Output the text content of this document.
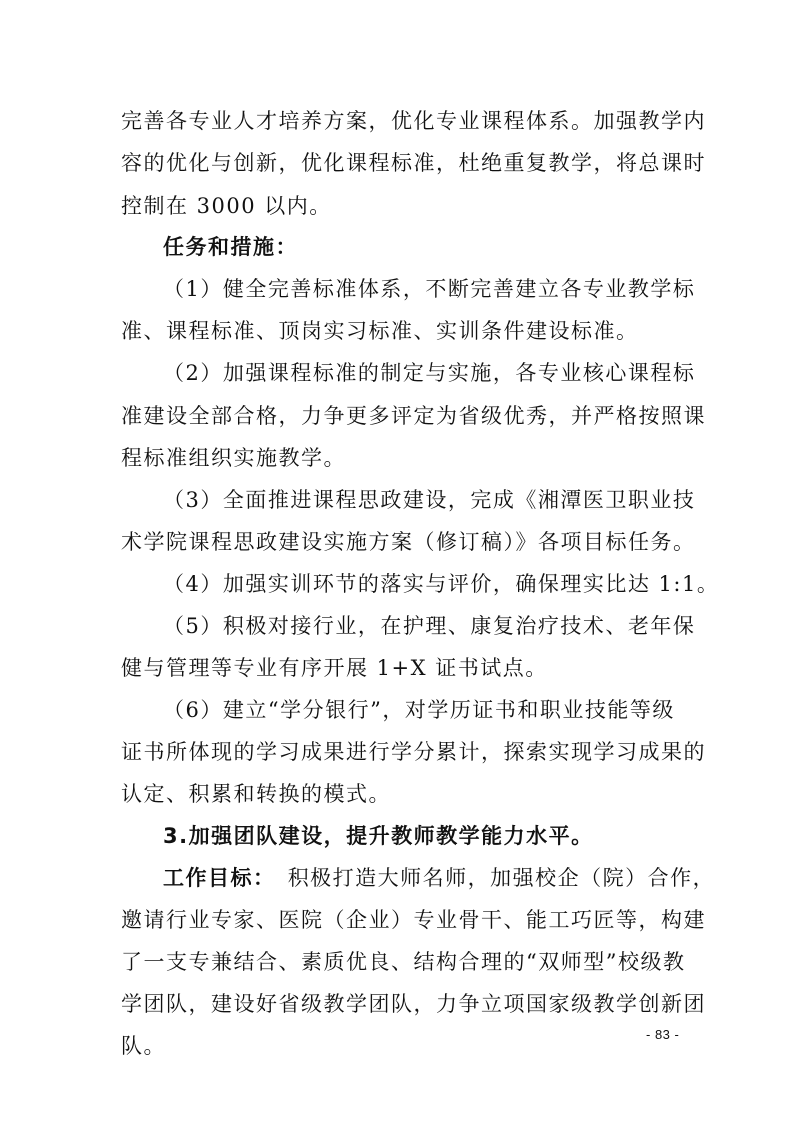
完善各专业人才培养方案，优化专业课程体系。加强教学内
容的优化与创新，优化课程标准，杜绝重复教学，将总课时
控制在 3000 以内。
任务和措施：
（1）健全完善标准体系，不断完善建立各专业教学标
准、课程标准、顶岗实习标准、实训条件建设标准。
（2）加强课程标准的制定与实施，各专业核心课程标
准建设全部合格，力争更多评定为省级优秀，并严格按照课
程标准组织实施教学。
（3）全面推进课程思政建设，完成《湘潭医卫职业技
术学院课程思政建设实施方案（修订稿）》各项目标任务。
（4）加强实训环节的落实与评价，确保理实比达 1:1。
（5）积极对接行业，在护理、康复治疗技术、老年保
健与管理等专业有序开展 1+X 证书试点。
（6）建立“学分银行”，对学历证书和职业技能等级
证书所体现的学习成果进行学分累计，探索实现学习成果的
认定、积累和转换的模式。
3.加强团队建设，提升教师教学能力水平。
工作目标： 积极打造大师名师，加强校企（院）合作，
邀请行业专家、医院（企业）专业骨干、能工巧匠等，构建
了一支专兼结合、素质优良、结构合理的“双师型”校级教
学团队，建设好省级教学团队，力争立项国家级教学创新团
队。	- 83 -
